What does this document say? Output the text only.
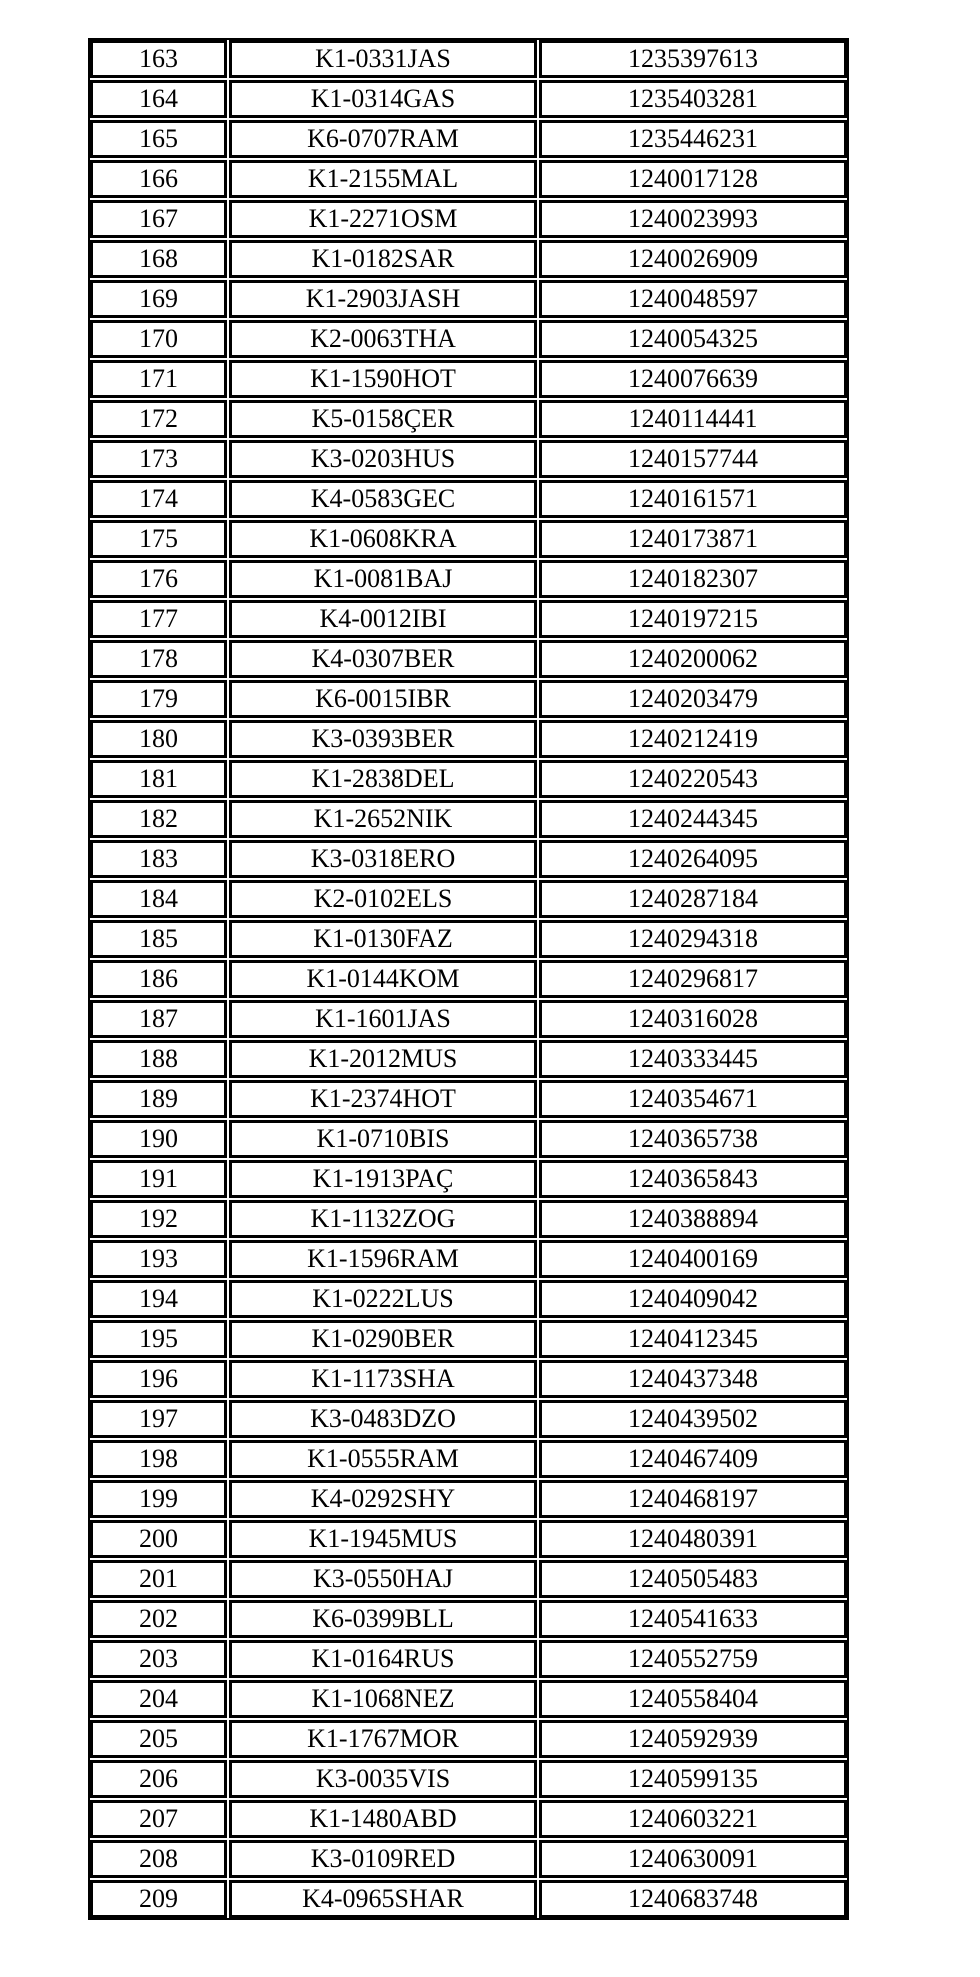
163	K1-0331JAS	1235397613
164	K1-0314GAS	1235403281
165	K6-0707RAM	1235446231
166	K1-2155MAL	1240017128
167	K1-2271OSM	1240023993
168	K1-0182SAR	1240026909
169	K1-2903JASH	1240048597
170	K2-0063THA	1240054325
171	K1-1590HOT	1240076639
172	K5-0158ÇER	1240114441
173	K3-0203HUS	1240157744
174	K4-0583GEC	1240161571
175	K1-0608KRA	1240173871
176	K1-0081BAJ	1240182307
177	K4-0012IBI	1240197215
178	K4-0307BER	1240200062
179	K6-0015IBR	1240203479
180	K3-0393BER	1240212419
181	K1-2838DEL	1240220543
182	K1-2652NIK	1240244345
183	K3-0318ERO	1240264095
184	K2-0102ELS	1240287184
185	K1-0130FAZ	1240294318
186	K1-0144KOM	1240296817
187	K1-1601JAS	1240316028
188	K1-2012MUS	1240333445
189	K1-2374HOT	1240354671
190	K1-0710BIS	1240365738
191	K1-1913PAÇ	1240365843
192	K1-1132ZOG	1240388894
193	K1-1596RAM	1240400169
194	K1-0222LUS	1240409042
195	K1-0290BER	1240412345
196	K1-1173SHA	1240437348
197	K3-0483DZO	1240439502
198	K1-0555RAM	1240467409
199	K4-0292SHY	1240468197
200	K1-1945MUS	1240480391
201	K3-0550HAJ	1240505483
202	K6-0399BLL	1240541633
203	K1-0164RUS	1240552759
204	K1-1068NEZ	1240558404
205	K1-1767MOR	1240592939
206	K3-0035VIS	1240599135
207	K1-1480ABD	1240603221
208	K3-0109RED	1240630091
209	K4-0965SHAR	1240683748
